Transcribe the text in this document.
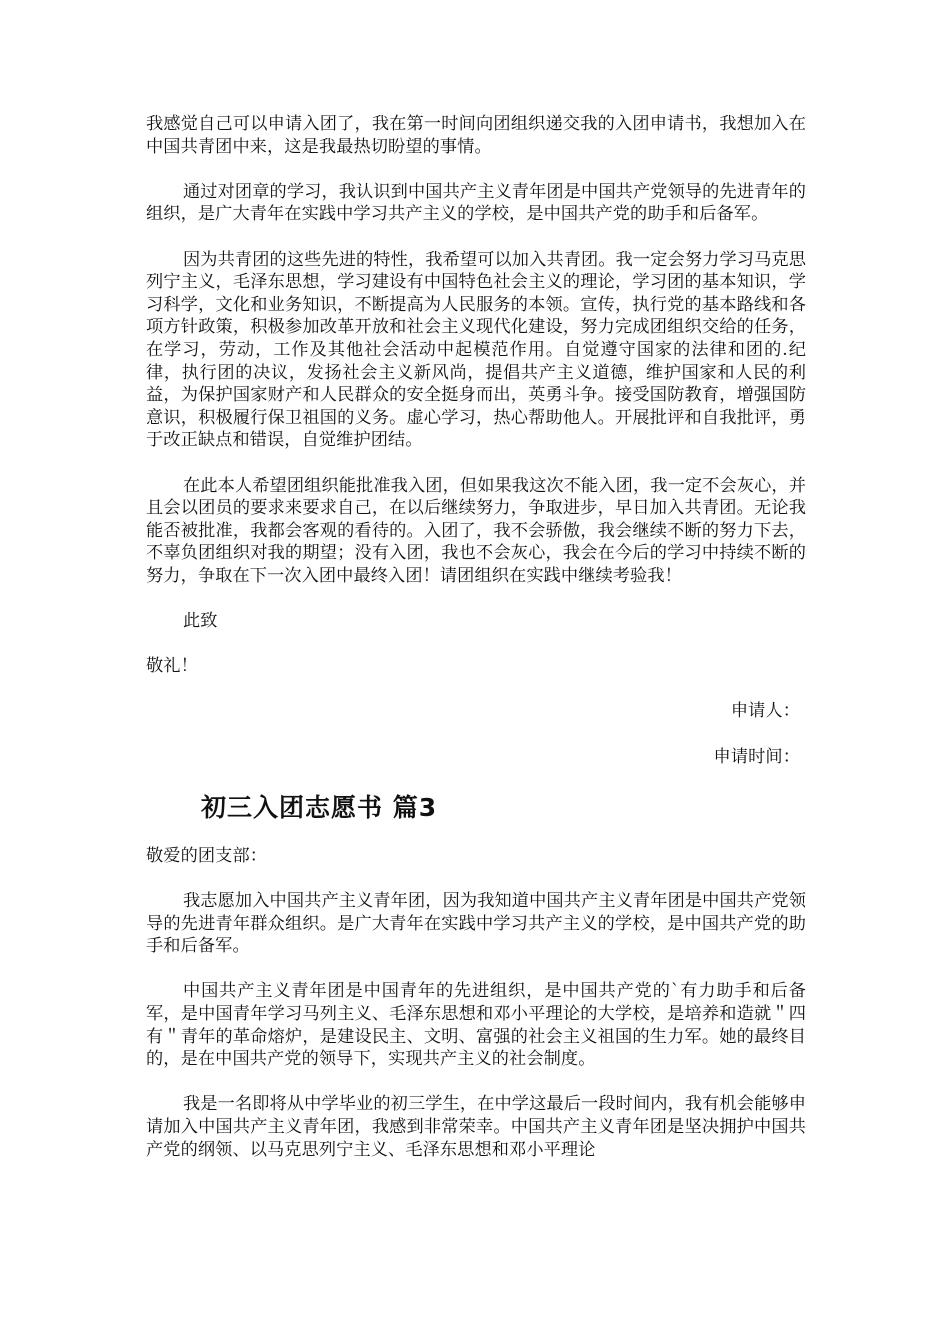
我感觉自己可以申请入团了，我在第一时间向团组织递交我的入团申请书，我想加入在中国共青团中来，这是我最热切盼望的事情。

通过对团章的学习，我认识到中国共产主义青年团是中国共产党领导的先进青年的组织，是广大青年在实践中学习共产主义的学校，是中国共产党的助手和后备军。

因为共青团的这些先进的特性，我希望可以加入共青团。我一定会努力学习马克思列宁主义，毛泽东思想，学习建设有中国特色社会主义的理论，学习团的基本知识，学习科学，文化和业务知识，不断提高为人民服务的本领。宣传，执行党的基本路线和各项方针政策，积极参加改革开放和社会主义现代化建设，努力完成团组织交给的任务，在学习，劳动，工作及其他社会活动中起模范作用。自觉遵守国家的法律和团的.纪律，执行团的决议，发扬社会主义新风尚，提倡共产主义道德，维护国家和人民的利益，为保护国家财产和人民群众的安全挺身而出，英勇斗争。接受国防教育，增强国防意识，积极履行保卫祖国的义务。虚心学习，热心帮助他人。开展批评和自我批评，勇于改正缺点和错误，自觉维护团结。

在此本人希望团组织能批准我入团，但如果我这次不能入团，我一定不会灰心，并且会以团员的要求来要求自己，在以后继续努力，争取进步，早日加入共青团。无论我能否被批准，我都会客观的看待的。入团了，我不会骄傲，我会继续不断的努力下去，不辜负团组织对我的期望；没有入团，我也不会灰心，我会在今后的学习中持续不断的努力，争取在下一次入团中最终入团！请团组织在实践中继续考验我！

此致

敬礼！

申请人：

申请时间：

初三入团志愿书 篇3

敬爱的团支部：

我志愿加入中国共产主义青年团，因为我知道中国共产主义青年团是中国共产党领导的先进青年群众组织。是广大青年在实践中学习共产主义的学校，是中国共产党的助手和后备军。

中国共产主义青年团是中国青年的先进组织，是中国共产党的`有力助手和后备军，是中国青年学习马列主义、毛泽东思想和邓小平理论的大学校，是培养和造就＂四有＂青年的革命熔炉，是建设民主、文明、富强的社会主义祖国的生力军。她的最终目的，是在中国共产党的领导下，实现共产主义的社会制度。

我是一名即将从中学毕业的初三学生，在中学这最后一段时间内，我有机会能够申请加入中国共产主义青年团，我感到非常荣幸。中国共产主义青年团是坚决拥护中国共产党的纲领、以马克思列宁主义、毛泽东思想和邓小平理论
